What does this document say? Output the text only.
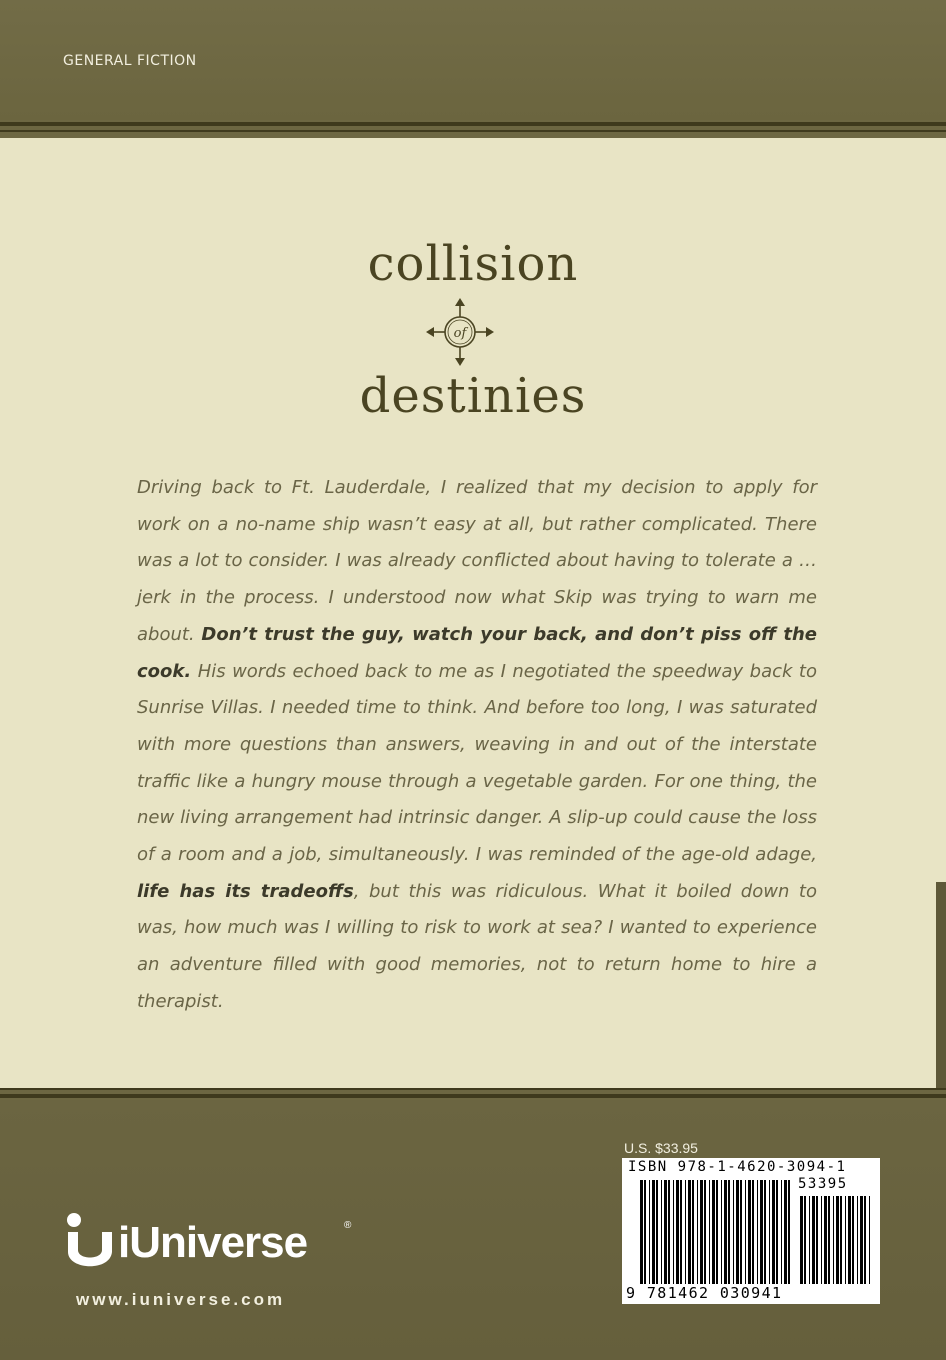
GENERAL FICTION
collision
of
destinies
Driving back to Ft. Lauderdale, I realized that my decision to apply for work on a no-name ship wasn’t easy at all, but rather complicated. There was a lot to consider. I was already conflicted about having to tolerate a … jerk in the process. I understood now what Skip was trying to warn me about. Don’t trust the guy, watch your back, and don’t piss off the cook. His words echoed back to me as I negotiated the speedway back to Sunrise Villas. I needed time to think. And before too long, I was saturated with more questions than answers, weaving in and out of the interstate traffic like a hungry mouse through a vegetable garden. For one thing, the new living arrangement had intrinsic danger. A slip-up could cause the loss of a room and a job, simultaneously. I was reminded of the age-old adage, life has its tradeoffs, but this was ridiculous. What it boiled down to was, how much was I willing to risk to work at sea? I wanted to experience an adventure filled with good memories, not to return home to hire a therapist.
U.S. $33.95
ISBN 978-1-4620-3094-1
53395
9 781462 030941
iUniverse	®
www.iuniverse.com
